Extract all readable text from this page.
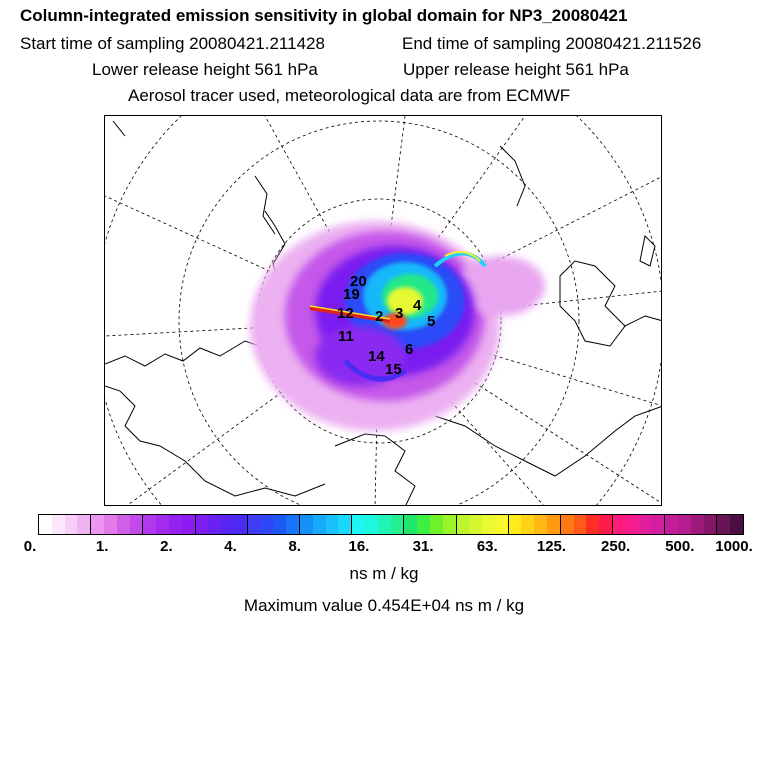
Column-integrated emission sensitivity in global domain for NP3_20080421
Start time of sampling 20080421.211428	End time of sampling 20080421.211526
Lower release height 561 hPa	Upper release height 561 hPa
Aerosol tracer used, meteorological data are from ECMWF
20
19
2 3 4
5
6
14
15
12
11
0.	1.	2.	4.	8.	16.	31.	63.	125. 250. 500. 1000.
ns m / kg
Maximum value 0.454E+04 ns m / kg
